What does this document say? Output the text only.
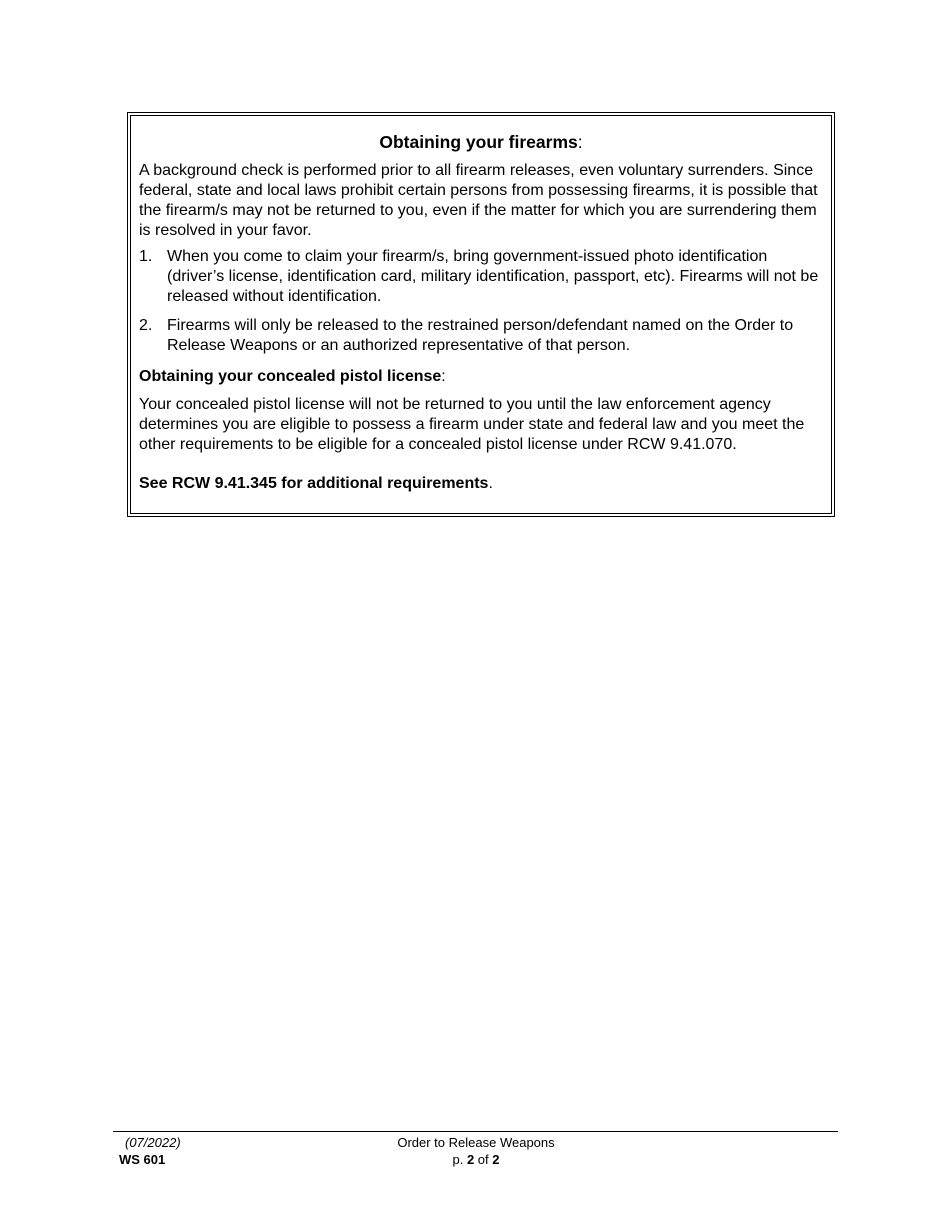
Obtaining your firearms:

A background check is performed prior to all firearm releases, even voluntary surrenders. Since federal, state and local laws prohibit certain persons from possessing firearms, it is possible that the firearm/s may not be returned to you, even if the matter for which you are surrendering them is resolved in your favor.

1. When you come to claim your firearm/s, bring government-issued photo identification (driver’s license, identification card, military identification, passport, etc). Firearms will not be released without identification.
2. Firearms will only be released to the restrained person/defendant named on the Order to Release Weapons or an authorized representative of that person.
Obtaining your concealed pistol license:

Your concealed pistol license will not be returned to you until the law enforcement agency determines you are eligible to possess a firearm under state and federal law and you meet the other requirements to be eligible for a concealed pistol license under RCW 9.41.070.

See RCW 9.41.345 for additional requirements.
(07/2022)
WS 601
Order to Release Weapons
p. 2 of 2
